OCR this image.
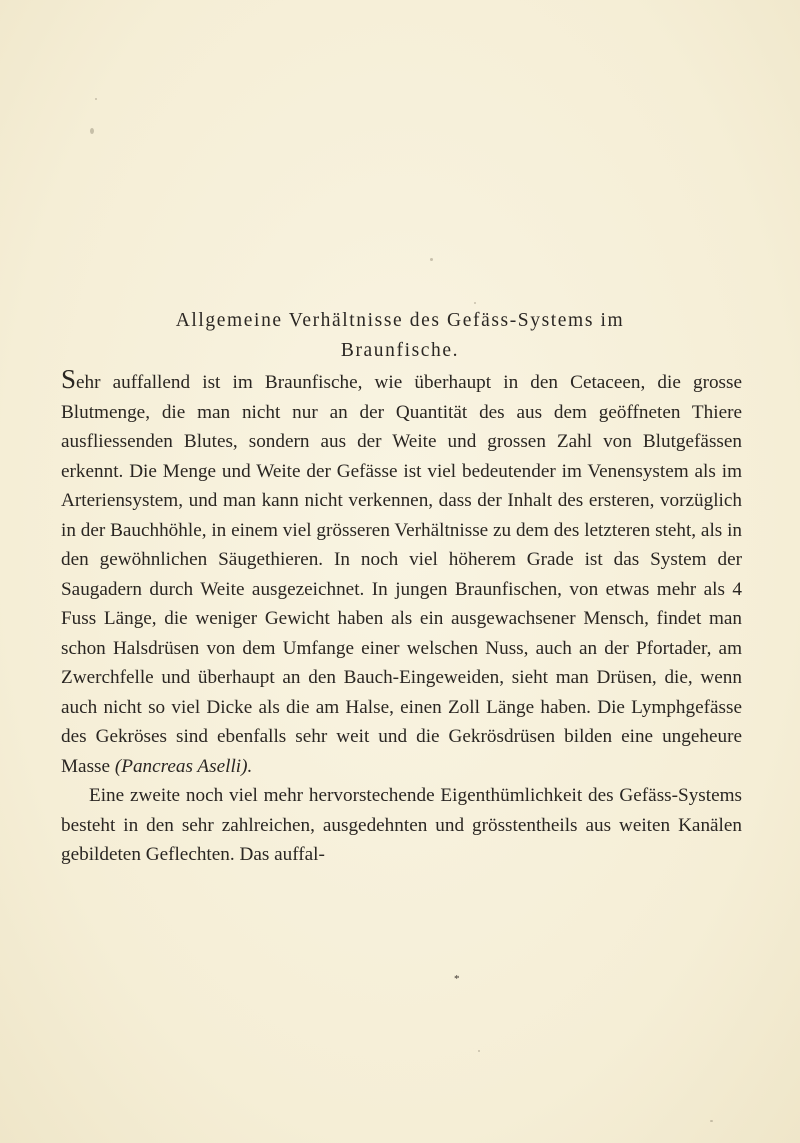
Allgemeine Verhältnisse des Gefäss-Systems im
Braunfische.

Sehr auffallend ist im Braunfische, wie überhaupt in den Cetaceen, die grosse Blutmenge, die man nicht nur an der Quantität des aus dem geöffneten Thiere ausfliessenden Blutes, sondern aus der Weite und grossen Zahl von Blutgefässen erkennt. Die Menge und Weite der Gefässe ist viel bedeutender im Venensystem als im Arteriensystem, und man kann nicht verkennen, dass der Inhalt des ersteren, vorzüglich in der Bauchhöhle, in einem viel grösseren Verhältnisse zu dem des letzteren steht, als in den gewöhnlichen Säugethieren. In noch viel höherem Grade ist das System der Saugadern durch Weite ausgezeichnet. In jungen Braunfischen, von etwas mehr als 4 Fuss Länge, die weniger Gewicht haben als ein ausgewachsener Mensch, findet man schon Halsdrüsen von dem Umfange einer welschen Nuss, auch an der Pfortader, am Zwerchfelle und überhaupt an den Bauch-Eingeweiden, sieht man Drüsen, die, wenn auch nicht so viel Dicke als die am Halse, einen Zoll Länge haben. Die Lymphgefässe des Gekröses sind ebenfalls sehr weit und die Gekrösdrüsen bilden eine ungeheure Masse (Pancreas Aselli).

Eine zweite noch viel mehr hervorstechende Eigenthümlichkeit des Gefäss-Systems besteht in den sehr zahlreichen, ausgedehnten und grösstentheils aus weiten Kanälen gebildeten Geflechten. Das auffal-

*
